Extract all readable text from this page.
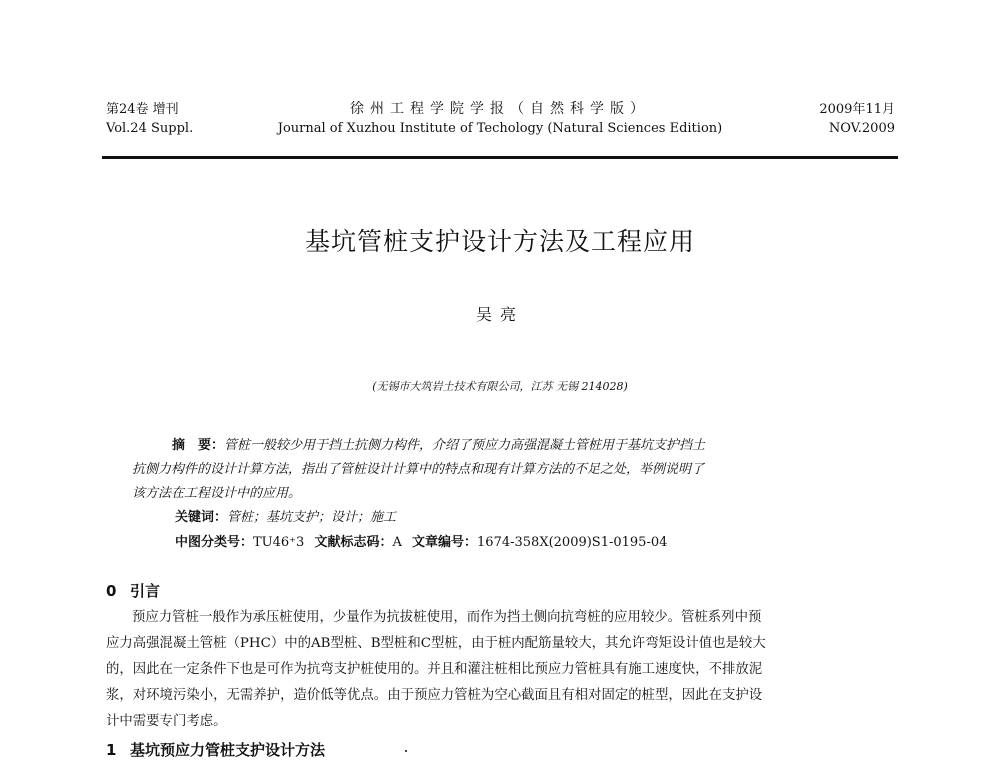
第24卷 增刊
Vol.24 Suppl.
徐州工程学院学报（自然科学版）
Journal of Xuzhou Institute of Techology (Natural Sciences Edition)
2009年11月
NOV.2009
基坑管桩支护设计方法及工程应用
吴亮
(无锡市大筑岩土技术有限公司，江苏 无锡 214028)
摘　要：管桩一般较少用于挡土抗侧力构件，介绍了预应力高强混凝土管桩用于基坑支护挡土
抗侧力构件的设计计算方法，指出了管桩设计计算中的特点和现有计算方法的不足之处，举例说明了
该方法在工程设计中的应用。
关键词：管桩；基坑支护；设计；施工
中图分类号：TU46⁺3 文献标志码：A 文章编号：1674-358X(2009)S1-0195-04
0 引言
预应力管桩一般作为承压桩使用，少量作为抗拔桩使用，而作为挡土侧向抗弯桩的应用较少。管桩系列中预
应力高强混凝土管桩（PHC）中的AB型桩、B型桩和C型桩，由于桩内配筋量较大，其允许弯矩设计值也是较大
的，因此在一定条件下也是可作为抗弯支护桩使用的。并且和灌注桩相比预应力管桩具有施工速度快，不排放泥
浆，对环境污染小，无需养护，造价低等优点。由于预应力管桩为空心截面且有相对固定的桩型，因此在支护设
计中需要专门考虑。
1 基坑预应力管桩支护设计方法
